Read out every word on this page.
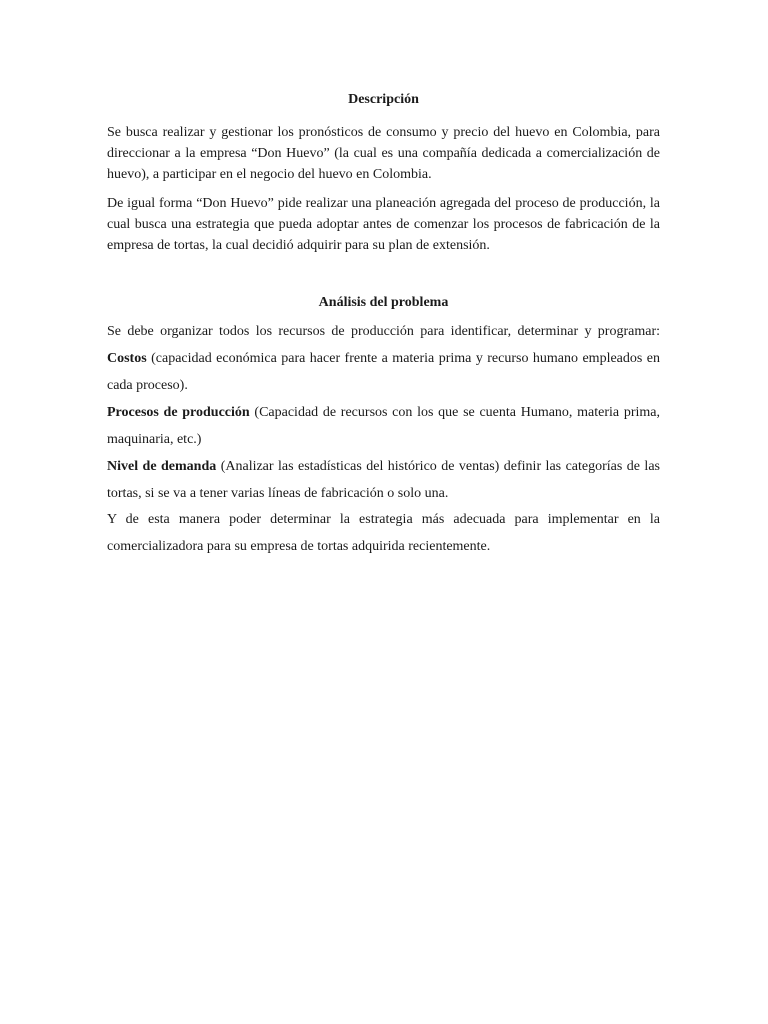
Descripción

Se busca realizar y gestionar los pronósticos de consumo y precio del huevo en Colombia, para direccionar a la empresa “Don Huevo” (la cual es una compañía dedicada a comercialización de huevo), a participar en el negocio del huevo en Colombia.

De igual forma “Don Huevo” pide realizar una planeación agregada del proceso de producción, la cual busca una estrategia que pueda adoptar antes de comenzar los procesos de fabricación de la empresa de tortas, la cual decidió adquirir para su plan de extensión.

Análisis del problema

Se debe organizar todos los recursos de producción para identificar, determinar y programar: Costos (capacidad económica para hacer frente a materia prima y recurso humano empleados en cada proceso).

Procesos de producción (Capacidad de recursos con los que se cuenta Humano, materia prima, maquinaria, etc.)

Nivel de demanda (Analizar las estadísticas del histórico de ventas) definir las categorías de las tortas, si se va a tener varias líneas de fabricación o solo una.

Y de esta manera poder determinar la estrategia más adecuada para implementar en la comercializadora para su empresa de tortas adquirida recientemente.
